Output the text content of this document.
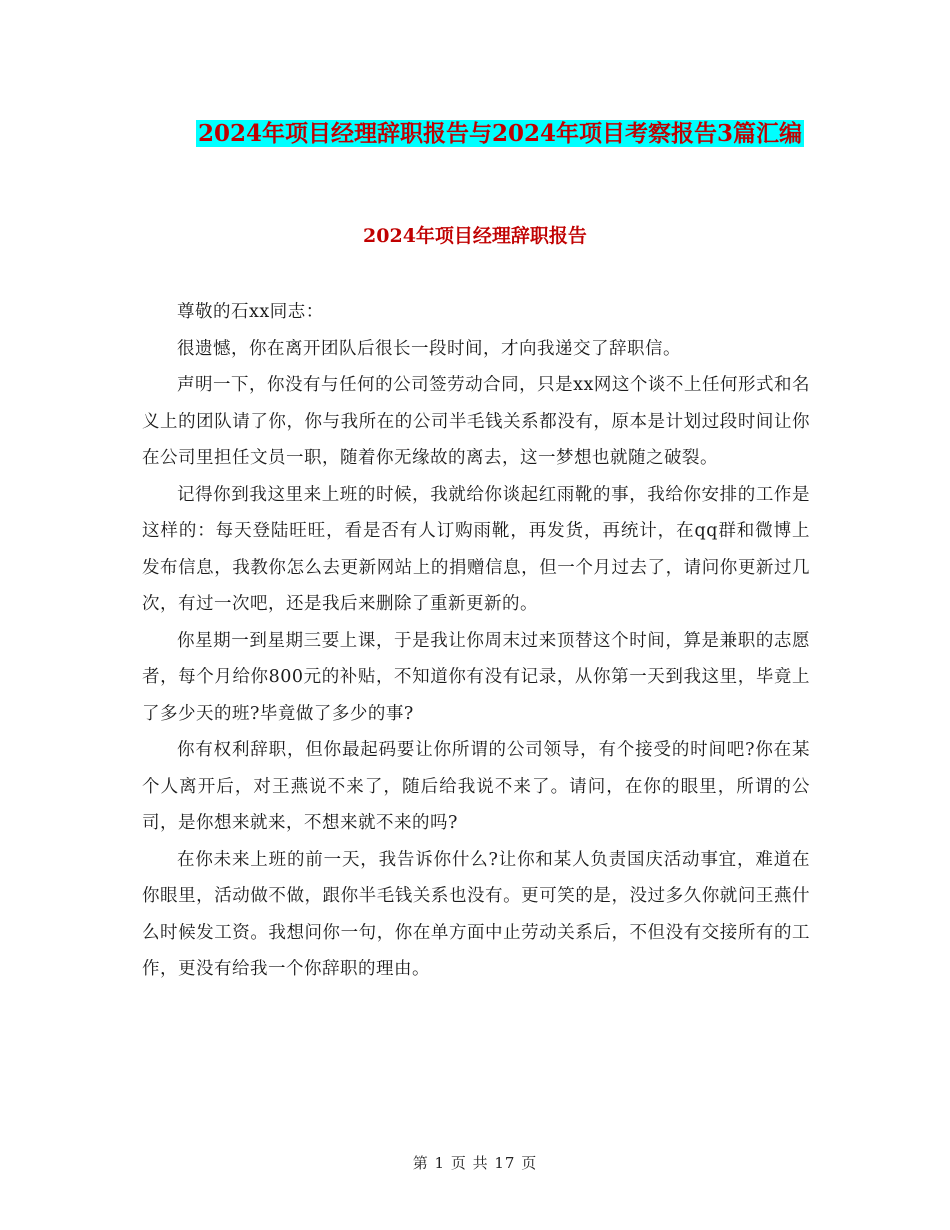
2024年项目经理辞职报告与2024年项目考察报告3篇汇编
2024年项目经理辞职报告

尊敬的石xx同志：

很遗憾，你在离开团队后很长一段时间，才向我递交了辞职信。

声明一下，你没有与任何的公司签劳动合同，只是xx网这个谈不上任何形式和名义上的团队请了你，你与我所在的公司半毛钱关系都没有，原本是计划过段时间让你在公司里担任文员一职，随着你无缘故的离去，这一梦想也就随之破裂。

记得你到我这里来上班的时候，我就给你谈起红雨靴的事，我给你安排的工作是这样的：每天登陆旺旺，看是否有人订购雨靴，再发货，再统计，在qq群和微博上发布信息，我教你怎么去更新网站上的捐赠信息，但一个月过去了，请问你更新过几次，有过一次吧，还是我后来删除了重新更新的。

你星期一到星期三要上课，于是我让你周末过来顶替这个时间，算是兼职的志愿者，每个月给你800元的补贴，不知道你有没有记录，从你第一天到我这里，毕竟上了多少天的班?毕竟做了多少的事?

你有权利辞职，但你最起码要让你所谓的公司领导，有个接受的时间吧?你在某个人离开后，对王燕说不来了，随后给我说不来了。请问，在你的眼里，所谓的公司，是你想来就来，不想来就不来的吗?

在你未来上班的前一天，我告诉你什么?让你和某人负责国庆活动事宜，难道在你眼里，活动做不做，跟你半毛钱关系也没有。更可笑的是，没过多久你就问王燕什么时候发工资。我想问你一句，你在单方面中止劳动关系后，不但没有交接所有的工作，更没有给我一个你辞职的理由。

第 1 页 共 17 页
